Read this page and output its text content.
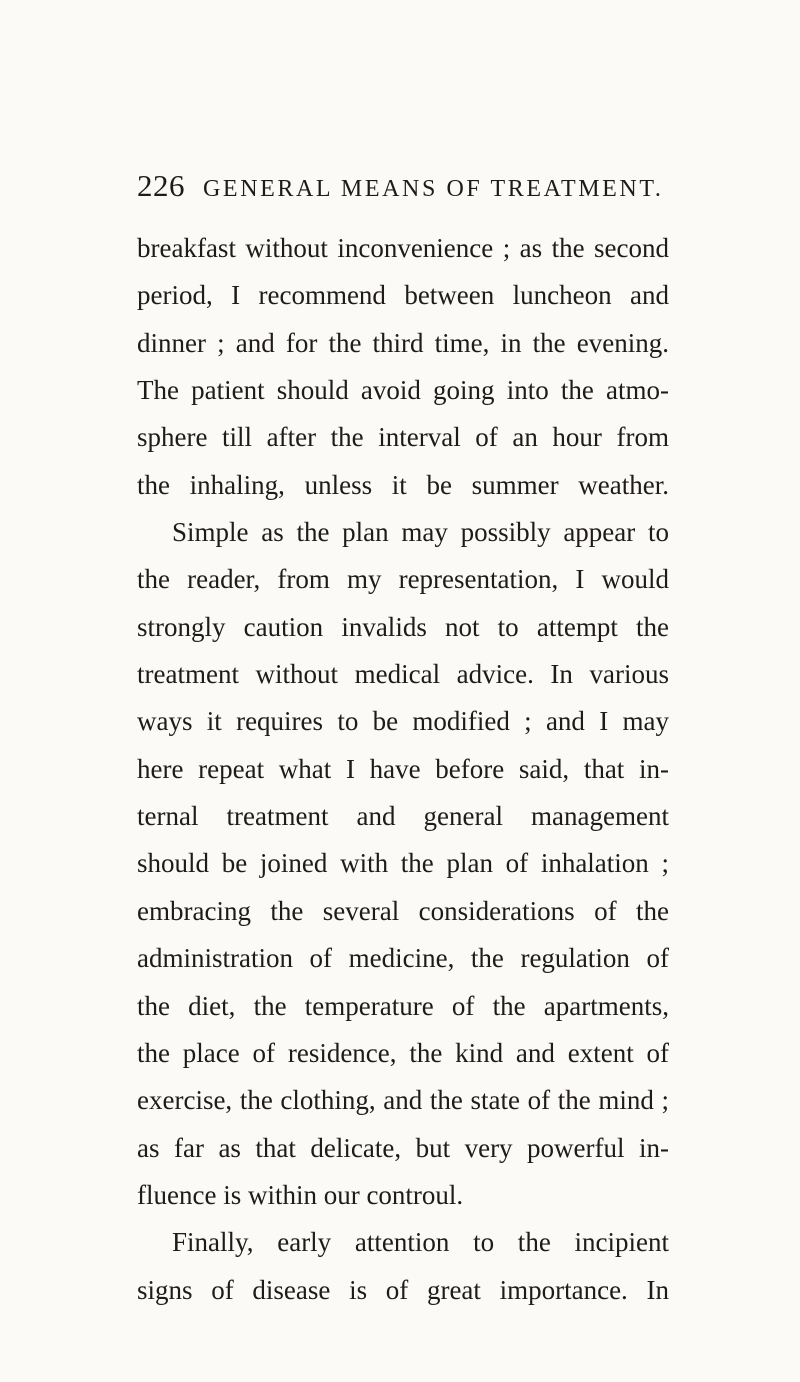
226 GENERAL MEANS OF TREATMENT.
breakfast without inconvenience ; as the second
period, I recommend between luncheon and
dinner ; and for the third time, in the evening.
The patient should avoid going into the atmo-
sphere till after the interval of an hour from
the inhaling, unless it be summer weather.
Simple as the plan may possibly appear to
the reader, from my representation, I would
strongly caution invalids not to attempt the
treatment without medical advice. In various
ways it requires to be modified ; and I may
here repeat what I have before said, that in-
ternal treatment and general management
should be joined with the plan of inhalation ;
embracing the several considerations of the
administration of medicine, the regulation of
the diet, the temperature of the apartments,
the place of residence, the kind and extent of
exercise, the clothing, and the state of the mind ;
as far as that delicate, but very powerful in-
fluence is within our controul.
Finally, early attention to the incipient
signs of disease is of great importance. In
